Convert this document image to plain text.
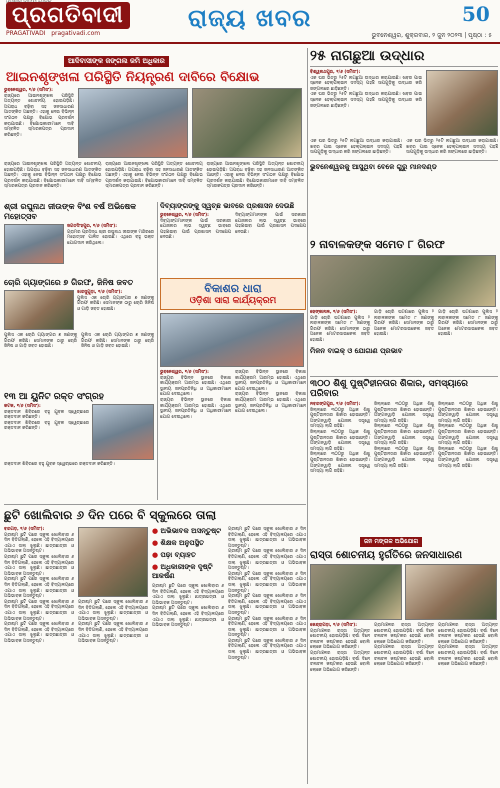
ପ୍ରଗତିବାଦୀ
PRAGATIVADI pragativadi.com
ରାଜ୍ୟ ଖବର	50
ଭୁବନେଶ୍ୱର, ଶୁକ୍ରବାର, ୨ ଜୁନ ୨୦୨୩ | ପୃଷ୍ଠା : ୫
ଆଦିବାସୀଙ୍କ ଜଙ୍ଗଲ ଜମି ଅଧିକାର
ଆଇନଶୃଙ୍ଖଳା ପରିସ୍ଥିତି ନିୟନ୍ତ୍ରଣ ଦାବିରେ ବିକ୍ଷୋଭ
ଭୁବନେଶ୍ୱର, ୧/୬ (ସମିସଂ):
ରାଜ୍ୟରେ ଆଇନଶୃଙ୍ଖଳା ପରିସ୍ଥିତି ଅତ୍ୟନ୍ତ ଶୋଚନୀୟ ହୋଇପଡ଼ିଛି। ଅପରାଧ ବଢ଼ିବା ସହ ଜନସାଧାରଣ ଆତଙ୍କିତ ଅଛନ୍ତି। ଏହାକୁ ନେଇ ବିଭିନ୍ନ ସଂଗଠନ ପକ୍ଷରୁ ବିକ୍ଷୋଭ ପ୍ରଦର୍ଶନ କରାଯାଇଛି। ବିକ୍ଷୋଭକାରୀମାନେ ଦାବି ସମ୍ବଳିତ ସ୍ମାରକପତ୍ର ପ୍ରଦାନ କରିଛନ୍ତି।
ରାଜ୍ୟରେ ଆଇନଶୃଙ୍ଖଳା ପରିସ୍ଥିତି ଅତ୍ୟନ୍ତ ଶୋଚନୀୟ ହୋଇପଡ଼ିଛି। ଅପରାଧ ବଢ଼ିବା ସହ ଜନସାଧାରଣ ଆତଙ୍କିତ ଅଛନ୍ତି। ଏହାକୁ ନେଇ ବିଭିନ୍ନ ସଂଗଠନ ପକ୍ଷରୁ ବିକ୍ଷୋଭ ପ୍ରଦର୍ଶନ କରାଯାଇଛି। ବିକ୍ଷୋଭକାରୀମାନେ ଦାବି ସମ୍ବଳିତ ସ୍ମାରକପତ୍ର ପ୍ରଦାନ କରିଛନ୍ତି।
ରାଜ୍ୟରେ ଆଇନଶୃଙ୍ଖଳା ପରିସ୍ଥିତି ଅତ୍ୟନ୍ତ ଶୋଚନୀୟ ହୋଇପଡ଼ିଛି। ଅପରାଧ ବଢ଼ିବା ସହ ଜନସାଧାରଣ ଆତଙ୍କିତ ଅଛନ୍ତି। ଏହାକୁ ନେଇ ବିଭିନ୍ନ ସଂଗଠନ ପକ୍ଷରୁ ବିକ୍ଷୋଭ ପ୍ରଦର୍ଶନ କରାଯାଇଛି। ବିକ୍ଷୋଭକାରୀମାନେ ଦାବି ସମ୍ବଳିତ ସ୍ମାରକପତ୍ର ପ୍ରଦାନ କରିଛନ୍ତି।
ରାଜ୍ୟରେ ଆଇନଶୃଙ୍ଖଳା ପରିସ୍ଥିତି ଅତ୍ୟନ୍ତ ଶୋଚନୀୟ ହୋଇପଡ଼ିଛି। ଅପରାଧ ବଢ଼ିବା ସହ ଜନସାଧାରଣ ଆତଙ୍କିତ ଅଛନ୍ତି। ଏହାକୁ ନେଇ ବିଭିନ୍ନ ସଂଗଠନ ପକ୍ଷରୁ ବିକ୍ଷୋଭ ପ୍ରଦର୍ଶନ କରାଯାଇଛି। ବିକ୍ଷୋଭକାରୀମାନେ ଦାବି ସମ୍ବଳିତ ସ୍ମାରକପତ୍ର ପ୍ରଦାନ କରିଛନ୍ତି।
୨୫ ନାଗଛୁଆ ଉଦ୍ଧାର
ବିଶ୍ୱନାଥପୁର, ୧/୬ (ସମିସଂ):
ଏକ ଘର ଭିତରୁ ୨୫ଟି ନାଗଛୁଆ ଉଦ୍ଧାର କରାଯାଇଛି। ଖବର ପାଇ ସ୍ନେକ ହେଲ୍ପଲାଇନ ସଦସ୍ୟ ପହଞ୍ଚି ସାପଗୁଡ଼ିକୁ ଉଦ୍ଧାର କରି ଜଙ୍ଗଲରେ ଛାଡ଼ିଛନ୍ତି।
ଏକ ଘର ଭିତରୁ ୨୫ଟି ନାଗଛୁଆ ଉଦ୍ଧାର କରାଯାଇଛି। ଖବର ପାଇ ସ୍ନେକ ହେଲ୍ପଲାଇନ ସଦସ୍ୟ ପହଞ୍ଚି ସାପଗୁଡ଼ିକୁ ଉଦ୍ଧାର କରି ଜଙ୍ଗଲରେ ଛାଡ଼ିଛନ୍ତି।
ଏକ ଘର ଭିତରୁ ୨୫ଟି ନାଗଛୁଆ ଉଦ୍ଧାର କରାଯାଇଛି। ଖବର ପାଇ ସ୍ନେକ ହେଲ୍ପଲାଇନ ସଦସ୍ୟ ପହଞ୍ଚି ସାପଗୁଡ଼ିକୁ ଉଦ୍ଧାର କରି ଜଙ୍ଗଲରେ ଛାଡ଼ିଛନ୍ତି।
ଏକ ଘର ଭିତରୁ ୨୫ଟି ନାଗଛୁଆ ଉଦ୍ଧାର କରାଯାଇଛି। ଖବର ପାଇ ସ୍ନେକ ହେଲ୍ପଲାଇନ ସଦସ୍ୟ ପହଞ୍ଚି ସାପଗୁଡ଼ିକୁ ଉଦ୍ଧାର କରି ଜଙ୍ଗଲରେ ଛାଡ଼ିଛନ୍ତି।
ଭୁବନେଶ୍ୱରକୁ ଆସୁଥିବା ବେଳେ ଗୁରୁ ମାନଦଣ୍ଡ
ଶ୍ରୀ ରଘୁନାଥ ଜୀଉଙ୍କ ବିଂଶ ବର୍ଷ ଅଭିଷେକ ମହୋତ୍ସବ
ଜଗତସିଂହପୁର, ୧/୬ (ସମିସଂ):
ଗ୍ରାମର ପ୍ରସିଦ୍ଧ ଶ୍ରୀ ରଘୁନାଥ ଜୀଉଙ୍କ ମନ୍ଦିରରେ ମହୋତ୍ସବ ପାଳିତ ହୋଇଛି। ଏଥିରେ ବହୁ ଭକ୍ତ ଯୋଗଦାନ କରିଥିଲେ।
ଦିବ୍ୟାଙ୍ଗଙ୍କୁ ସ୍ୱଚ୍ଛ ଭାବରେ ପ୍ରଶାସନ ଦେଉଛି
ଭୁବନେଶ୍ୱର, ୧/୬ (ସମିସଂ):
ଦିବ୍ୟାଙ୍ଗମାନଙ୍କ ପାଇଁ ସରକାରୀ ଯୋଜନାର ଲାଭ ସ୍ୱଚ୍ଛ ଭାବରେ ପହଞ୍ଚାଇବା ପାଇଁ ପ୍ରଶାସନ ପଦକ୍ଷେପ ନେଉଛି।
ଦିବ୍ୟାଙ୍ଗମାନଙ୍କ ପାଇଁ ସରକାରୀ ଯୋଜନାର ଲାଭ ସ୍ୱଚ୍ଛ ଭାବରେ ପହଞ୍ଚାଇବା ପାଇଁ ପ୍ରଶାସନ ପଦକ୍ଷେପ ନେଉଛି।
୨ ନାବାଳକଙ୍କ ସମେତ ୮ ଗିରଫ
ଢେଙ୍କାନାଳ, ୧/୬ (ସମିସଂ):
ଗାଡ଼ି ଚୋରି ଘଟଣାରେ ପୁଲିସ ୨ ନାବାଳକଙ୍କ ସମେତ ୮ ଜଣଙ୍କୁ ଗିରଫ କରିଛି। ସେମାନଙ୍କ ଠାରୁ ଅନେକ ମୋଟରସାଇକେଲ ଜବତ ହୋଇଛି।
ଗାଡ଼ି ଚୋରି ଘଟଣାରେ ପୁଲିସ ୨ ନାବାଳକଙ୍କ ସମେତ ୮ ଜଣଙ୍କୁ ଗିରଫ କରିଛି। ସେମାନଙ୍କ ଠାରୁ ଅନେକ ମୋଟରସାଇକେଲ ଜବତ ହୋଇଛି।
ଗାଡ଼ି ଚୋରି ଘଟଣାରେ ପୁଲିସ ୨ ନାବାଳକଙ୍କ ସମେତ ୮ ଜଣଙ୍କୁ ଗିରଫ କରିଛି। ସେମାନଙ୍କ ଠାରୁ ଅନେକ ମୋଟରସାଇକେଲ ଜବତ ହୋଇଛି।
ମିଳନ ବାଇକ୍ ଓ ଯୋଗାଣ ପ୍ରଭାବ
ଚୋରି ଗ୍ୟାଙ୍ଗରେ ୭ ଗିରଫ, ଜିନିଷ ଜବତ
ଝାରସୁଗୁଡ଼ା, ୧/୬ (ସମିସଂ):
ପୁଲିସ ଏକ ଚୋରି ଗ୍ୟାଙ୍ଗର ୭ ଜଣଙ୍କୁ ଗିରଫ କରିଛି। ସେମାନଙ୍କ ଠାରୁ ଚୋରି ଜିନିଷ ଓ ଗାଡ଼ି ଜବତ ହୋଇଛି।
ପୁଲିସ ଏକ ଚୋରି ଗ୍ୟାଙ୍ଗର ୭ ଜଣଙ୍କୁ ଗିରଫ କରିଛି। ସେମାନଙ୍କ ଠାରୁ ଚୋରି ଜିନିଷ ଓ ଗାଡ଼ି ଜବତ ହୋଇଛି।
ପୁଲିସ ଏକ ଚୋରି ଗ୍ୟାଙ୍ଗର ୭ ଜଣଙ୍କୁ ଗିରଫ କରିଛି। ସେମାନଙ୍କ ଠାରୁ ଚୋରି ଜିନିଷ ଓ ଗାଡ଼ି ଜବତ ହୋଇଛି।
ବିକାଶର ଧାରା
ଓଡ଼ିଶା ସାରା କାର୍ଯ୍ୟକ୍ରମ
ଭୁବନେଶ୍ୱର, ୧/୬ (ସମିସଂ):
ରାଜ୍ୟର ବିଭିନ୍ନ ସ୍ଥାନରେ ବିକାଶ କାର୍ଯ୍ୟକ୍ରମ ଆରମ୍ଭ ହୋଇଛି। ଏଥିରେ ସ୍ଥାନୀୟ ଜନପ୍ରତିନିଧି ଓ ଅଧିକାରୀମାନେ ଯୋଗ ଦେଇଥିଲେ।
ରାଜ୍ୟର ବିଭିନ୍ନ ସ୍ଥାନରେ ବିକାଶ କାର୍ଯ୍ୟକ୍ରମ ଆରମ୍ଭ ହୋଇଛି। ଏଥିରେ ସ୍ଥାନୀୟ ଜନପ୍ରତିନିଧି ଓ ଅଧିକାରୀମାନେ ଯୋଗ ଦେଇଥିଲେ।
ରାଜ୍ୟର ବିଭିନ୍ନ ସ୍ଥାନରେ ବିକାଶ କାର୍ଯ୍ୟକ୍ରମ ଆରମ୍ଭ ହୋଇଛି। ଏଥିରେ ସ୍ଥାନୀୟ ଜନପ୍ରତିନିଧି ଓ ଅଧିକାରୀମାନେ ଯୋଗ ଦେଇଥିଲେ।
ରାଜ୍ୟର ବିଭିନ୍ନ ସ୍ଥାନରେ ବିକାଶ କାର୍ଯ୍ୟକ୍ରମ ଆରମ୍ଭ ହୋଇଛି। ଏଥିରେ ସ୍ଥାନୀୟ ଜନପ୍ରତିନିଧି ଓ ଅଧିକାରୀମାନେ ଯୋଗ ଦେଇଥିଲେ।
୩୦୦ ଶିଶୁ ପୁଷ୍ଟିହୀନତାର ଶିକାର, ସମସ୍ୟାରେ ପରିବାର
ନବରଙ୍ଗପୁର, ୧/୬ (ସମିସଂ):
ଜିଲ୍ଲାରେ ୩୦୦ରୁ ଅଧିକ ଶିଶୁ ପୁଷ୍ଟିହୀନତାର ଶିକାର ହୋଇଛନ୍ତି। ଅଙ୍ଗନୱାଡ଼ି ଯୋଜନା ସତ୍ତ୍ୱେ ସମସ୍ୟା ଲାଗି ରହିଛି।
ଜିଲ୍ଲାରେ ୩୦୦ରୁ ଅଧିକ ଶିଶୁ ପୁଷ୍ଟିହୀନତାର ଶିକାର ହୋଇଛନ୍ତି। ଅଙ୍ଗନୱାଡ଼ି ଯୋଜନା ସତ୍ତ୍ୱେ ସମସ୍ୟା ଲାଗି ରହିଛି।
ଜିଲ୍ଲାରେ ୩୦୦ରୁ ଅଧିକ ଶିଶୁ ପୁଷ୍ଟିହୀନତାର ଶିକାର ହୋଇଛନ୍ତି। ଅଙ୍ଗନୱାଡ଼ି ଯୋଜନା ସତ୍ତ୍ୱେ ସମସ୍ୟା ଲାଗି ରହିଛି।
ଜିଲ୍ଲାରେ ୩୦୦ରୁ ଅଧିକ ଶିଶୁ ପୁଷ୍ଟିହୀନତାର ଶିକାର ହୋଇଛନ୍ତି। ଅଙ୍ଗନୱାଡ଼ି ଯୋଜନା ସତ୍ତ୍ୱେ ସମସ୍ୟା ଲାଗି ରହିଛି।
ଜିଲ୍ଲାରେ ୩୦୦ରୁ ଅଧିକ ଶିଶୁ ପୁଷ୍ଟିହୀନତାର ଶିକାର ହୋଇଛନ୍ତି। ଅଙ୍ଗନୱାଡ଼ି ଯୋଜନା ସତ୍ତ୍ୱେ ସମସ୍ୟା ଲାଗି ରହିଛି।
ଜିଲ୍ଲାରେ ୩୦୦ରୁ ଅଧିକ ଶିଶୁ ପୁଷ୍ଟିହୀନତାର ଶିକାର ହୋଇଛନ୍ତି। ଅଙ୍ଗନୱାଡ଼ି ଯୋଜନା ସତ୍ତ୍ୱେ ସମସ୍ୟା ଲାଗି ରହିଛି।
ଜିଲ୍ଲାରେ ୩୦୦ରୁ ଅଧିକ ଶିଶୁ ପୁଷ୍ଟିହୀନତାର ଶିକାର ହୋଇଛନ୍ତି। ଅଙ୍ଗନୱାଡ଼ି ଯୋଜନା ସତ୍ତ୍ୱେ ସମସ୍ୟା ଲାଗି ରହିଛି।
ଜିଲ୍ଲାରେ ୩୦୦ରୁ ଅଧିକ ଶିଶୁ ପୁଷ୍ଟିହୀନତାର ଶିକାର ହୋଇଛନ୍ତି। ଅଙ୍ଗନୱାଡ଼ି ଯୋଜନା ସତ୍ତ୍ୱେ ସମସ୍ୟା ଲାଗି ରହିଛି।
ଜିଲ୍ଲାରେ ୩୦୦ରୁ ଅଧିକ ଶିଶୁ ପୁଷ୍ଟିହୀନତାର ଶିକାର ହୋଇଛନ୍ତି। ଅଙ୍ଗନୱାଡ଼ି ଯୋଜନା ସତ୍ତ୍ୱେ ସମସ୍ୟା ଲାଗି ରହିଛି।
୧୩ ଆ ୟୁନିଟ ରକ୍ତ ସଂଗ୍ରହ
କଟକ, ୧/୬ (ସମିସଂ):
ରକ୍ତଦାନ ଶିବିରରେ ବହୁ ଯୁବକ ସ୍ୱେଚ୍ଛାରେ ରକ୍ତଦାନ କରିଛନ୍ତି।
ରକ୍ତଦାନ ଶିବିରରେ ବହୁ ଯୁବକ ସ୍ୱେଚ୍ଛାରେ ରକ୍ତଦାନ କରିଛନ୍ତି।
ରକ୍ତଦାନ ଶିବିରରେ ବହୁ ଯୁବକ ସ୍ୱେଚ୍ଛାରେ ରକ୍ତଦାନ କରିଛନ୍ତି।
ଛୁଟି ଖୋଲିବାର ୬ ଦିନ ପରେ ବି ସ୍କୁଲରେ ତାଲା
ବରଗଡ଼, ୧/୬ (ସମିସଂ):
ଗ୍ରୀଷ୍ମ ଛୁଟି ପରେ ସ୍କୁଲ ଖୋଲିବାର ୬ ଦିନ ବିତିଗଲାଣି, ହେଲେ ଏହି ବିଦ୍ୟାଳୟରେ ଏଯାଏ ତାଲା ଝୁଲୁଛି। ଛାତ୍ରଛାତ୍ରୀ ଓ ଅଭିଭାବକ ଅସନ୍ତୁଷ୍ଟ।
ଗ୍ରୀଷ୍ମ ଛୁଟି ପରେ ସ୍କୁଲ ଖୋଲିବାର ୬ ଦିନ ବିତିଗଲାଣି, ହେଲେ ଏହି ବିଦ୍ୟାଳୟରେ ଏଯାଏ ତାଲା ଝୁଲୁଛି। ଛାତ୍ରଛାତ୍ରୀ ଓ ଅଭିଭାବକ ଅସନ୍ତୁଷ୍ଟ।
ଗ୍ରୀଷ୍ମ ଛୁଟି ପରେ ସ୍କୁଲ ଖୋଲିବାର ୬ ଦିନ ବିତିଗଲାଣି, ହେଲେ ଏହି ବିଦ୍ୟାଳୟରେ ଏଯାଏ ତାଲା ଝୁଲୁଛି। ଛାତ୍ରଛାତ୍ରୀ ଓ ଅଭିଭାବକ ଅସନ୍ତୁଷ୍ଟ।
ଗ୍ରୀଷ୍ମ ଛୁଟି ପରେ ସ୍କୁଲ ଖୋଲିବାର ୬ ଦିନ ବିତିଗଲାଣି, ହେଲେ ଏହି ବିଦ୍ୟାଳୟରେ ଏଯାଏ ତାଲା ଝୁଲୁଛି। ଛାତ୍ରଛାତ୍ରୀ ଓ ଅଭିଭାବକ ଅସନ୍ତୁଷ୍ଟ।
ଗ୍ରୀଷ୍ମ ଛୁଟି ପରେ ସ୍କୁଲ ଖୋଲିବାର ୬ ଦିନ ବିତିଗଲାଣି, ହେଲେ ଏହି ବିଦ୍ୟାଳୟରେ ଏଯାଏ ତାଲା ଝୁଲୁଛି। ଛାତ୍ରଛାତ୍ରୀ ଓ ଅଭିଭାବକ ଅସନ୍ତୁଷ୍ଟ।
ଗ୍ରୀଷ୍ମ ଛୁଟି ପରେ ସ୍କୁଲ ଖୋଲିବାର ୬ ଦିନ ବିତିଗଲାଣି, ହେଲେ ଏହି ବିଦ୍ୟାଳୟରେ ଏଯାଏ ତାଲା ଝୁଲୁଛି। ଛାତ୍ରଛାତ୍ରୀ ଓ ଅଭିଭାବକ ଅସନ୍ତୁଷ୍ଟ।
ଗ୍ରୀଷ୍ମ ଛୁଟି ପରେ ସ୍କୁଲ ଖୋଲିବାର ୬ ଦିନ ବିତିଗଲାଣି, ହେଲେ ଏହି ବିଦ୍ୟାଳୟରେ ଏଯାଏ ତାଲା ଝୁଲୁଛି। ଛାତ୍ରଛାତ୍ରୀ ଓ ଅଭିଭାବକ ଅସନ୍ତୁଷ୍ଟ।
● ଅଭିଭାବକ ଅସନ୍ତୁଷ୍ଟ
● ଶିକ୍ଷକ ଅନୁପସ୍ଥିତ
● ପଢ଼ା ବ୍ୟାହତ
● ଅଧିକାରୀଙ୍କ ଦୃଷ୍ଟି ଆକର୍ଷଣ
ଗ୍ରୀଷ୍ମ ଛୁଟି ପରେ ସ୍କୁଲ ଖୋଲିବାର ୬ ଦିନ ବିତିଗଲାଣି, ହେଲେ ଏହି ବିଦ୍ୟାଳୟରେ ଏଯାଏ ତାଲା ଝୁଲୁଛି। ଛାତ୍ରଛାତ୍ରୀ ଓ ଅଭିଭାବକ ଅସନ୍ତୁଷ୍ଟ।
ଗ୍ରୀଷ୍ମ ଛୁଟି ପରେ ସ୍କୁଲ ଖୋଲିବାର ୬ ଦିନ ବିତିଗଲାଣି, ହେଲେ ଏହି ବିଦ୍ୟାଳୟରେ ଏଯାଏ ତାଲା ଝୁଲୁଛି। ଛାତ୍ରଛାତ୍ରୀ ଓ ଅଭିଭାବକ ଅସନ୍ତୁଷ୍ଟ।
ଗ୍ରୀଷ୍ମ ଛୁଟି ପରେ ସ୍କୁଲ ଖୋଲିବାର ୬ ଦିନ ବିତିଗଲାଣି, ହେଲେ ଏହି ବିଦ୍ୟାଳୟରେ ଏଯାଏ ତାଲା ଝୁଲୁଛି। ଛାତ୍ରଛାତ୍ରୀ ଓ ଅଭିଭାବକ ଅସନ୍ତୁଷ୍ଟ।
ଗ୍ରୀଷ୍ମ ଛୁଟି ପରେ ସ୍କୁଲ ଖୋଲିବାର ୬ ଦିନ ବିତିଗଲାଣି, ହେଲେ ଏହି ବିଦ୍ୟାଳୟରେ ଏଯାଏ ତାଲା ଝୁଲୁଛି। ଛାତ୍ରଛାତ୍ରୀ ଓ ଅଭିଭାବକ ଅସନ୍ତୁଷ୍ଟ।
ଗ୍ରୀଷ୍ମ ଛୁଟି ପରେ ସ୍କୁଲ ଖୋଲିବାର ୬ ଦିନ ବିତିଗଲାଣି, ହେଲେ ଏହି ବିଦ୍ୟାଳୟରେ ଏଯାଏ ତାଲା ଝୁଲୁଛି। ଛାତ୍ରଛାତ୍ରୀ ଓ ଅଭିଭାବକ ଅସନ୍ତୁଷ୍ଟ।
ଗ୍ରୀଷ୍ମ ଛୁଟି ପରେ ସ୍କୁଲ ଖୋଲିବାର ୬ ଦିନ ବିତିଗଲାଣି, ହେଲେ ଏହି ବିଦ୍ୟାଳୟରେ ଏଯାଏ ତାଲା ଝୁଲୁଛି। ଛାତ୍ରଛାତ୍ରୀ ଓ ଅଭିଭାବକ ଅସନ୍ତୁଷ୍ଟ।
ଗ୍ରୀଷ୍ମ ଛୁଟି ପରେ ସ୍କୁଲ ଖୋଲିବାର ୬ ଦିନ ବିତିଗଲାଣି, ହେଲେ ଏହି ବିଦ୍ୟାଳୟରେ ଏଯାଏ ତାଲା ଝୁଲୁଛି। ଛାତ୍ରଛାତ୍ରୀ ଓ ଅଭିଭାବକ ଅସନ୍ତୁଷ୍ଟ।
ଗ୍ରୀଷ୍ମ ଛୁଟି ପରେ ସ୍କୁଲ ଖୋଲିବାର ୬ ଦିନ ବିତିଗଲାଣି, ହେଲେ ଏହି ବିଦ୍ୟାଳୟରେ ଏଯାଏ ତାଲା ଝୁଲୁଛି। ଛାତ୍ରଛାତ୍ରୀ ଓ ଅଭିଭାବକ ଅସନ୍ତୁଷ୍ଟ।
ଜନ ମଙ୍ଗଳ ଅଭିଯୋଗ
ରାସ୍ତା ଶୋଚନୀୟ ହୁର୍ଗତିରେ ଜନସାଧାରଣ
କେନ୍ଦ୍ରାପଡ଼ା, ୧/୬ (ସମିସଂ):
ଗ୍ରାମାଞ୍ଚଳର ରାସ୍ତା ଅତ୍ୟନ୍ତ ଶୋଚନୀୟ ହୋଇପଡ଼ିଛି। ବର୍ଷା ଦିନେ ଚଳାଚଳ କଷ୍ଟକର ହେଉଛି ବୋଲି ଲୋକେ ଅଭିଯୋଗ କରିଛନ୍ତି।
ଗ୍ରାମାଞ୍ଚଳର ରାସ୍ତା ଅତ୍ୟନ୍ତ ଶୋଚନୀୟ ହୋଇପଡ଼ିଛି। ବର୍ଷା ଦିନେ ଚଳାଚଳ କଷ୍ଟକର ହେଉଛି ବୋଲି ଲୋକେ ଅଭିଯୋଗ କରିଛନ୍ତି।
ଗ୍ରାମାଞ୍ଚଳର ରାସ୍ତା ଅତ୍ୟନ୍ତ ଶୋଚନୀୟ ହୋଇପଡ଼ିଛି। ବର୍ଷା ଦିନେ ଚଳାଚଳ କଷ୍ଟକର ହେଉଛି ବୋଲି ଲୋକେ ଅଭିଯୋଗ କରିଛନ୍ତି।
ଗ୍ରାମାଞ୍ଚଳର ରାସ୍ତା ଅତ୍ୟନ୍ତ ଶୋଚନୀୟ ହୋଇପଡ଼ିଛି। ବର୍ଷା ଦିନେ ଚଳାଚଳ କଷ୍ଟକର ହେଉଛି ବୋଲି ଲୋକେ ଅଭିଯୋଗ କରିଛନ୍ତି।
ଗ୍ରାମାଞ୍ଚଳର ରାସ୍ତା ଅତ୍ୟନ୍ତ ଶୋଚନୀୟ ହୋଇପଡ଼ିଛି। ବର୍ଷା ଦିନେ ଚଳାଚଳ କଷ୍ଟକର ହେଉଛି ବୋଲି ଲୋକେ ଅଭିଯୋଗ କରିଛନ୍ତି।
ଗ୍ରାମାଞ୍ଚଳର ରାସ୍ତା ଅତ୍ୟନ୍ତ ଶୋଚନୀୟ ହୋଇପଡ଼ିଛି। ବର୍ଷା ଦିନେ ଚଳାଚଳ କଷ୍ଟକର ହେଉଛି ବୋଲି ଲୋକେ ଅଭିଯୋଗ କରିଛନ୍ତି।
